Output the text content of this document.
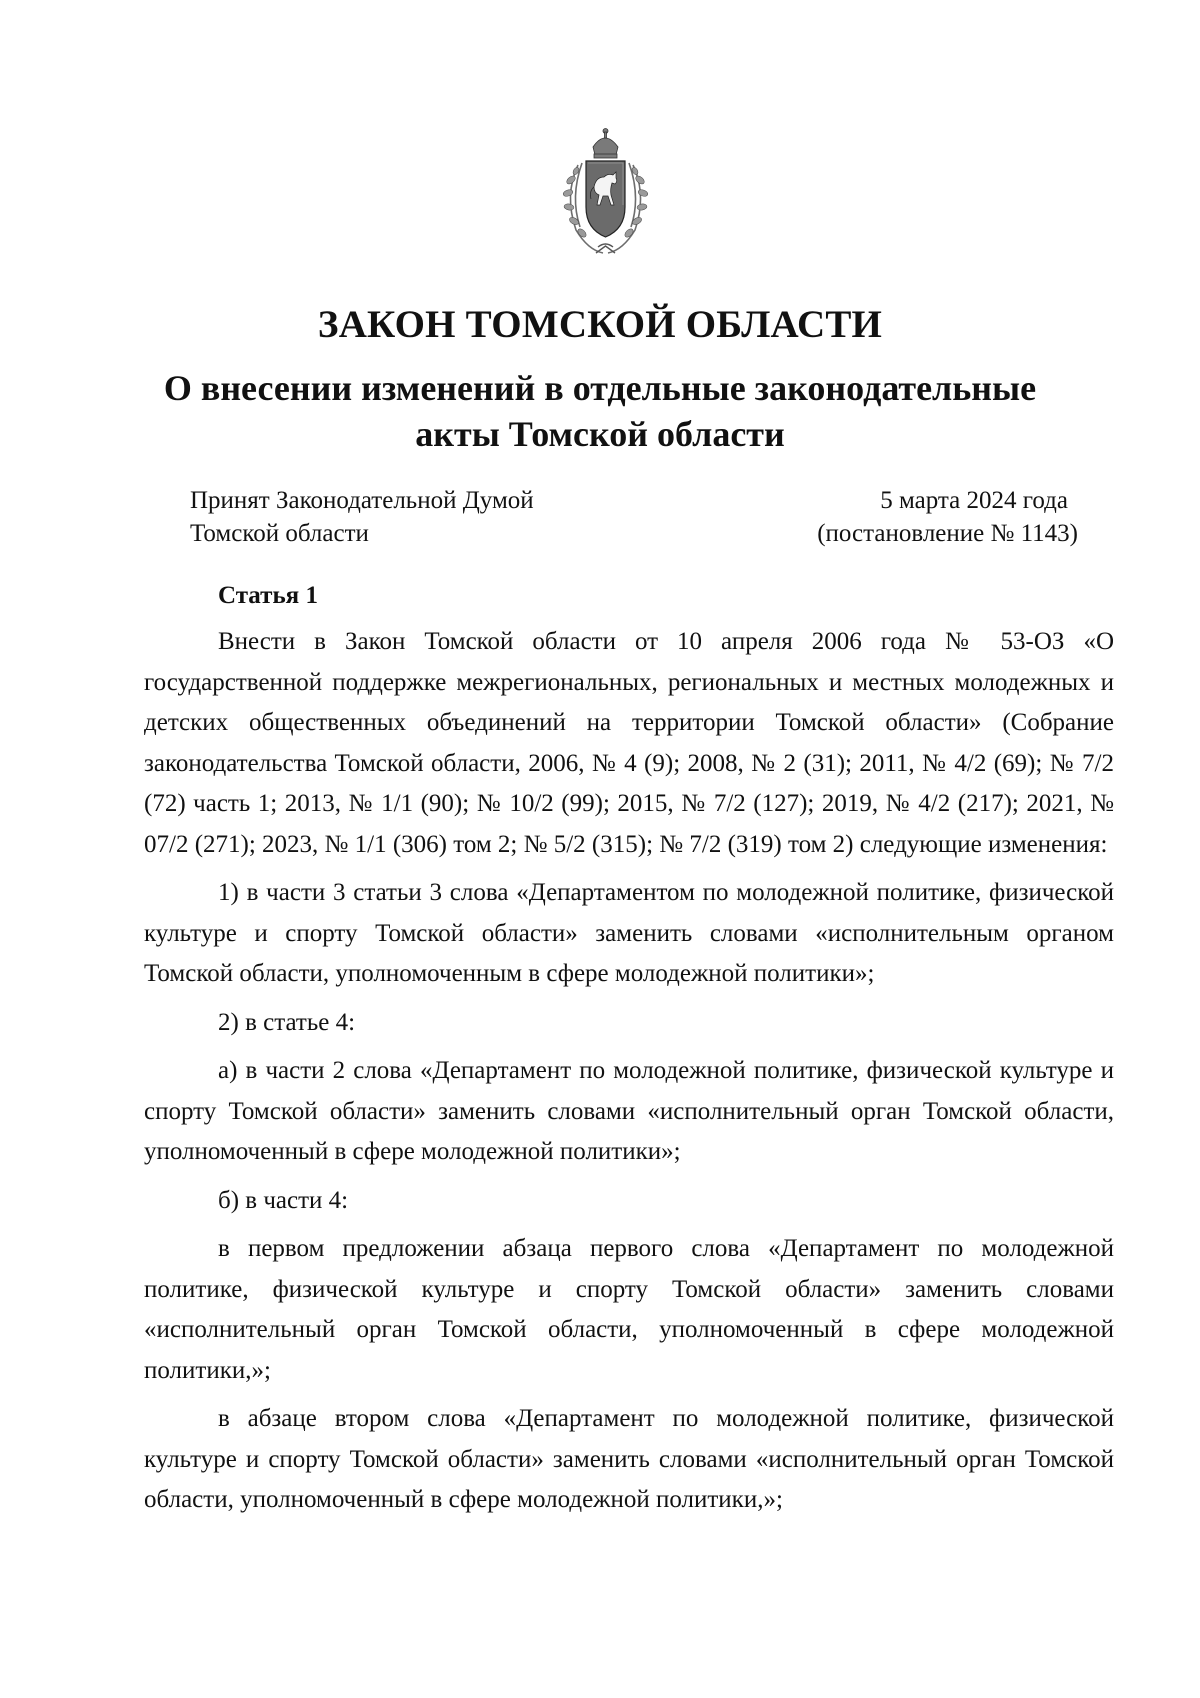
ЗАКОН ТОМСКОЙ ОБЛАСТИ
О внесении изменений в отдельные законодательные
акты Томской области
Принят Законодательной Думой
Томской области
5 марта 2024 года
(постановление № 1143)
Статья 1

Внести в Закон Томской области от 10 апреля 2006 года № 53-ОЗ «О государственной поддержке межрегиональных, региональных и местных молодежных и детских общественных объединений на территории Томской области» (Собрание законодательства Томской области, 2006, № 4 (9); 2008, № 2 (31); 2011, № 4/2 (69); № 7/2 (72) часть 1; 2013, № 1/1 (90); № 10/2 (99); 2015, № 7/2 (127); 2019, № 4/2 (217); 2021, № 07/2 (271); 2023, № 1/1 (306) том 2; № 5/2 (315); № 7/2 (319) том 2) следующие изменения:

1) в части 3 статьи 3 слова «Департаментом по молодежной политике, физической культуре и спорту Томской области» заменить словами «исполнительным органом Томской области, уполномоченным в сфере молодежной политики»;

2) в статье 4:

а) в части 2 слова «Департамент по молодежной политике, физической культуре и спорту Томской области» заменить словами «исполнительный орган Томской области, уполномоченный в сфере молодежной политики»;

б) в части 4:

в первом предложении абзаца первого слова «Департамент по молодежной политике, физической культуре и спорту Томской области» заменить словами «исполнительный орган Томской области, уполномоченный в сфере молодежной политики,»;

в абзаце втором слова «Департамент по молодежной политике, физической культуре и спорту Томской области» заменить словами «исполнительный орган Томской области, уполномоченный в сфере молодежной политики,»;
